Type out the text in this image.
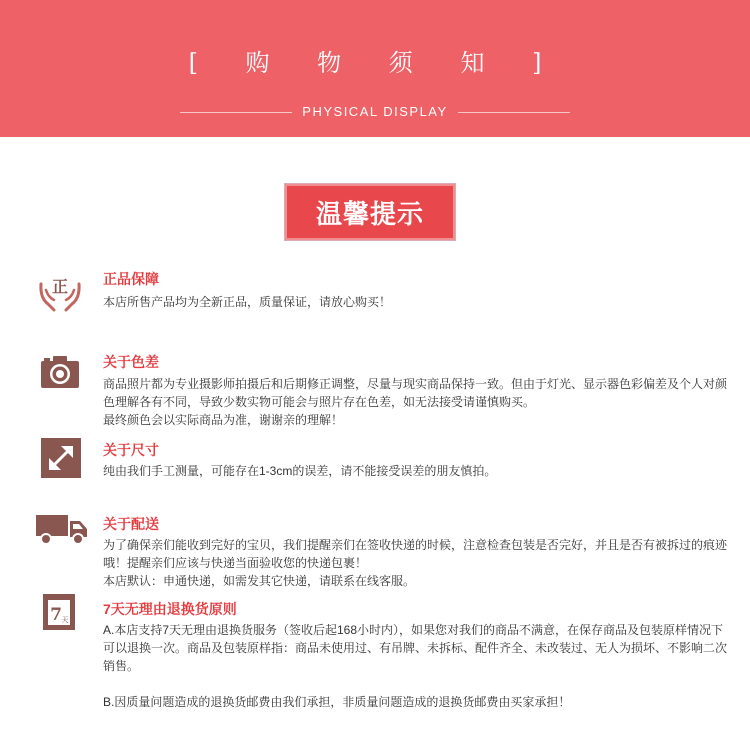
[ 购 物 须 知 ]
PHYSICAL DISPLAY
温馨提示
正 正品保障

本店所售产品均为全新正品，质量保证，请放心购买！

关于色差

商品照片都为专业摄影师拍摄后和后期修正调整，尽量与现实商品保持一致。但由于灯光、显示器色彩偏差及个人对颜色理解各有不同，导致少数实物可能会与照片存在色差，如无法接受请谨慎购买。

最终颜色会以实际商品为准，谢谢亲的理解！

关于尺寸

纯由我们手工测量，可能存在1-3cm的误差，请不能接受误差的朋友慎拍。

关于配送

为了确保亲们能收到完好的宝贝，我们提醒亲们在签收快递的时候，注意检查包装是否完好，并且是否有被拆过的痕迹哦！提醒亲们应该与快递当面验收您的快递包裹！

本店默认：申通快递，如需发其它快递，请联系在线客服。

7 天
7天无理由退换货原则

A.本店支持7天无理由退换货服务（签收后起168小时内），如果您对我们的商品不满意，在保存商品及包装原样情况下可以退换一次。商品及包装原样指：商品未使用过、有吊牌、未拆标、配件齐全、未改装过、无人为损坏、不影响二次销售。

B.因质量问题造成的退换货邮费由我们承担，非质量问题造成的退换货邮费由买家承担！
